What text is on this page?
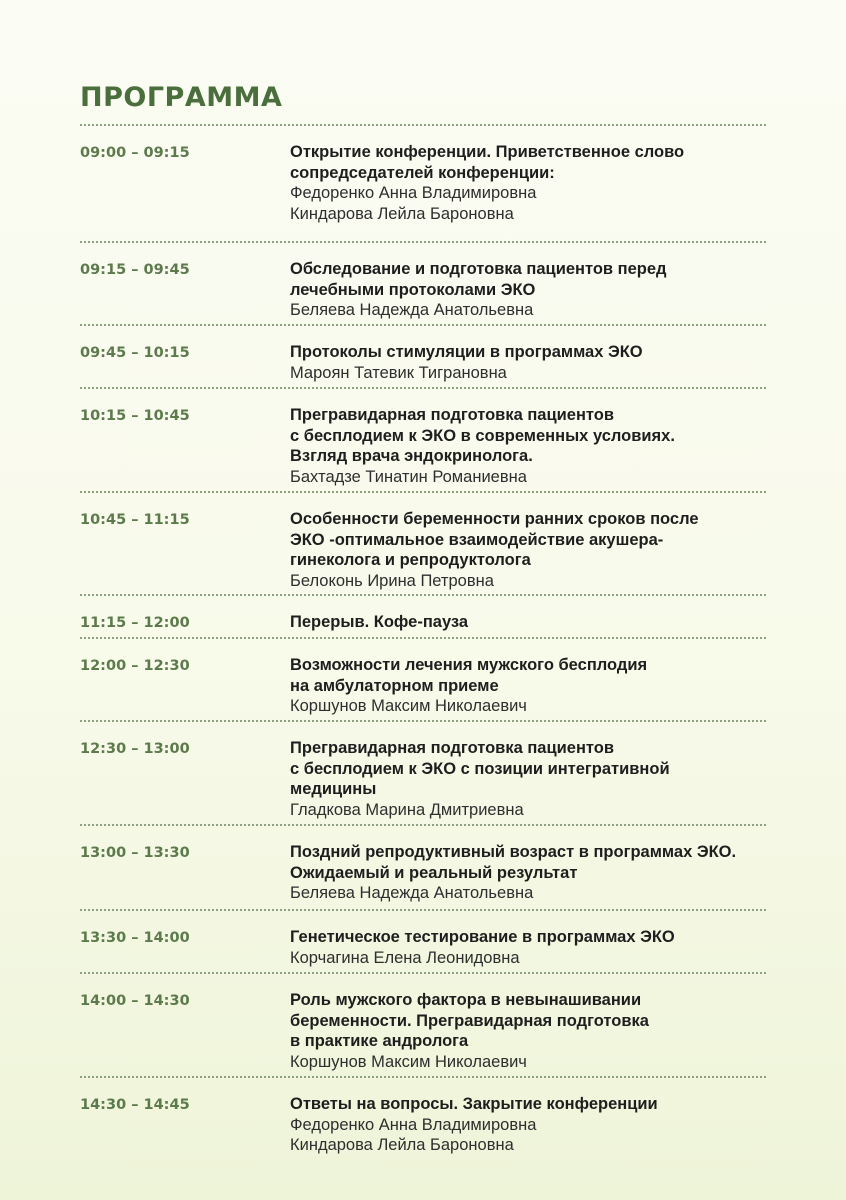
ПРОГРАММА
09:00 – 09:15	Открытие конференции. Приветственное слово
сопредседателей конференции:
Федоренко Анна Владимировна
Киндарова Лейла Бароновна
09:15 – 09:45	Обследование и подготовка пациентов перед
лечебными протоколами ЭКО
Беляева Надежда Анатольевна
09:45 – 10:15	Протоколы стимуляции в программах ЭКО
Мароян Татевик Тиграновна
10:15 – 10:45	Прегравидарная подготовка пациентов
с бесплодием к ЭКО в современных условиях.
Взгляд врача эндокринолога.
Бахтадзе Тинатин Романиевна
10:45 – 11:15	Особенности беременности ранних сроков после
ЭКО -оптимальное взаимодействие акушера-
гинеколога и репродуктолога
Белоконь Ирина Петровна
11:15 – 12:00	Перерыв. Кофе-пауза
12:00 – 12:30	Возможности лечения мужского бесплодия
на амбулаторном приеме
Коршунов Максим Николаевич
12:30 – 13:00	Прегравидарная подготовка пациентов
с бесплодием к ЭКО с позиции интегративной
медицины
Гладкова Марина Дмитриевна
13:00 – 13:30	Поздний репродуктивный возраст в программах ЭКО.
Ожидаемый и реальный результат
Беляева Надежда Анатольевна
13:30 – 14:00	Генетическое тестирование в программах ЭКО
Корчагина Елена Леонидовна
14:00 – 14:30	Роль мужского фактора в невынашивании
беременности. Прегравидарная подготовка
в практике андролога
Коршунов Максим Николаевич
14:30 – 14:45	Ответы на вопросы. Закрытие конференции
Федоренко Анна Владимировна
Киндарова Лейла Бароновна
